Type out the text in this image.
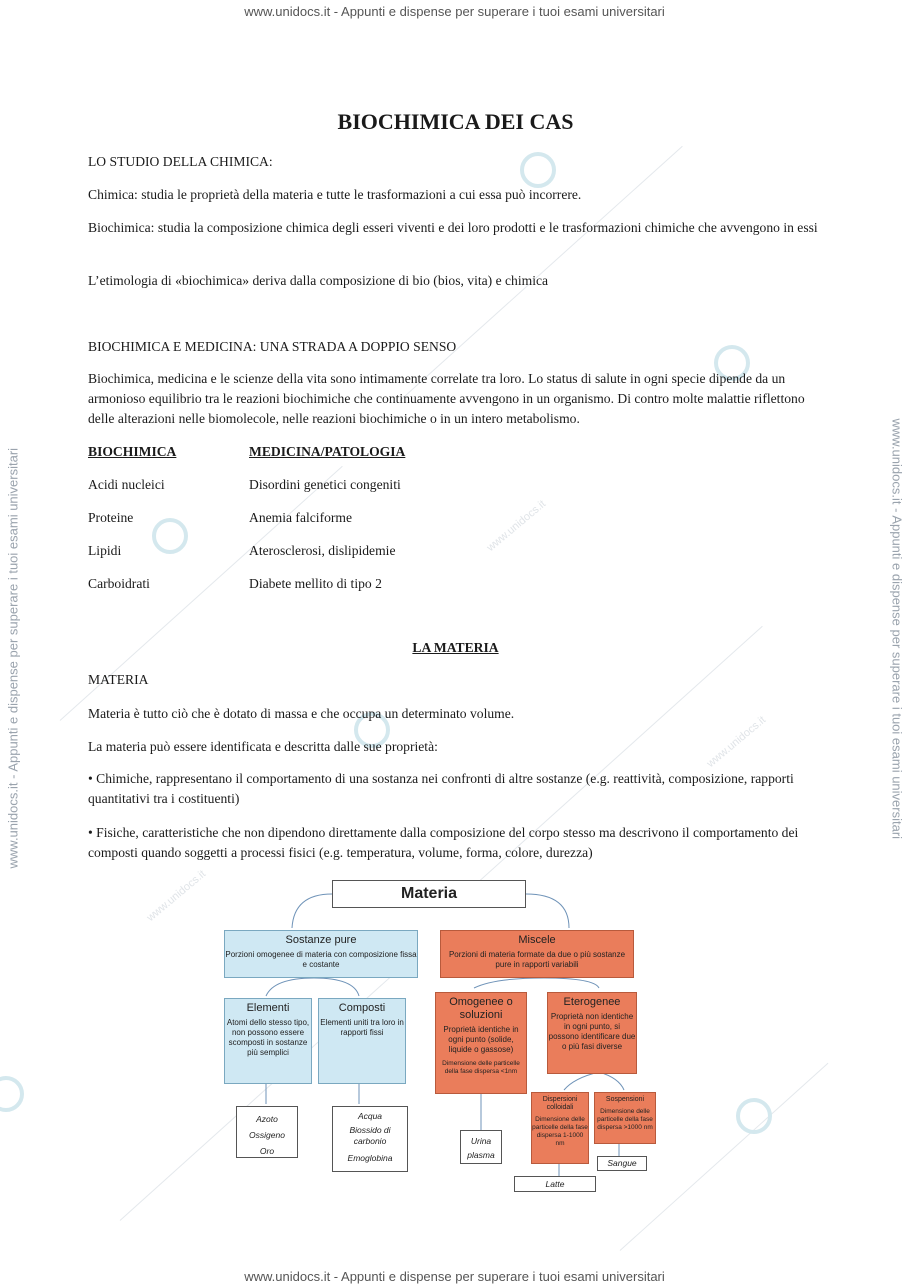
www.unidocs.it - Appunti e dispense per superare i tuoi esami universitari
www.unidocs.it - Appunti e dispense per superare i tuoi esami universitari
www.unidocs.it - Appunti e dispense per superare i tuoi esami universitari	www.unidocs.it - Appunti e dispense per superare i tuoi esami universitari
www.unidocs.it
www.unidocs.it
www.unidocs.it
BIOCHIMICA DEI CAS

LO STUDIO DELLA CHIMICA:

Chimica: studia le proprietà della materia e tutte le trasformazioni a cui essa può incorrere.

Biochimica: studia la composizione chimica degli esseri viventi e dei loro prodotti e le trasformazioni chimiche che avvengono in essi

L’etimologia di «biochimica» deriva dalla composizione di bio (bios, vita) e chimica

BIOCHIMICA E MEDICINA: UNA STRADA A DOPPIO SENSO

Biochimica, medicina e le scienze della vita sono intimamente correlate tra loro. Lo status di salute in ogni specie dipende da un armonioso equilibrio tra le reazioni biochimiche che continuamente avvengono in un organismo. Di contro molte malattie riflettono delle alterazioni nelle biomolecole, nelle reazioni biochimiche o in un intero metabolismo.

BIOCHIMICA	MEDICINA/PATOLOGIA
Acidi nucleici	Disordini genetici congeniti
Proteine	Anemia falciforme
Lipidi	Aterosclerosi, dislipidemie
Carboidrati	Diabete mellito di tipo 2
LA MATERIA

MATERIA

Materia è tutto ciò che è dotato di massa e che occupa un determinato volume.

La materia può essere identificata e descritta dalle sue proprietà:

• Chimiche, rappresentano il comportamento di una sostanza nei confronti di altre sostanze (e.g. reattività, composizione, rapporti quantitativi tra i costituenti)

• Fisiche, caratteristiche che non dipendono direttamente dalla composizione del corpo stesso ma descrivono il comportamento dei composti quando soggetti a processi fisici (e.g. temperatura, volume, forma, colore, durezza)

Materia
Sostanze pure
Porzioni omogenee di materia con composizione fissa e costante
Miscele
Porzioni di materia formate da due o più sostanze pure in rapporti variabili
Elementi
Atomi dello stesso tipo, non possono essere scomposti in sostanze più semplici
Composti
Elementi uniti tra loro in rapporti fissi
Omogenee o soluzioni
Proprietà identiche in ogni punto (solide, liquide o gassose)
Dimensione delle particelle della fase dispersa <1nm
Eterogenee
Proprietà non identiche in ogni punto, si possono identificare due o più fasi diverse
Dispersioni colloidali
Dimensione delle particelle della fase dispersa 1-1000 nm
Sospensioni
Dimensione delle particelle della fase dispersa >1000 nm
Azoto
Ossigeno
Oro
Acqua
Biossido di carbonio
Emoglobina
Urina
plasma
Latte
Sangue
